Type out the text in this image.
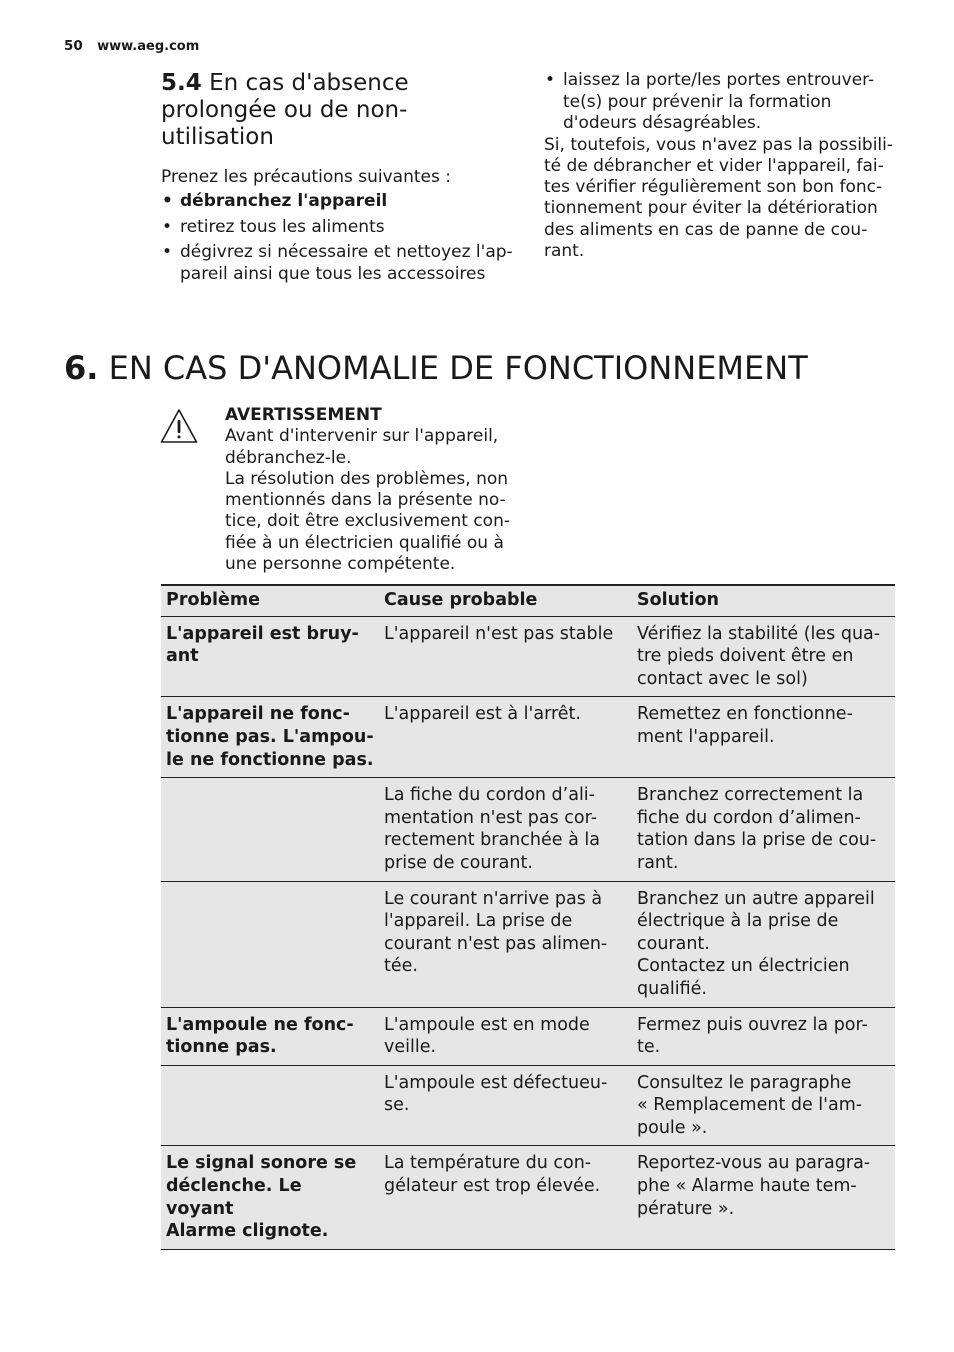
50 www.aeg.com
5.4 En cas d'absence
prolongée ou de non-
utilisation
Prenez les précautions suivantes :
• débranchez l'appareil
• retirez tous les aliments
• dégivrez si nécessaire et nettoyez l'ap-
pareil ainsi que tous les accessoires
• laissez la porte/les portes entrouver-
te(s) pour prévenir la formation
d'odeurs désagréables.
Si, toutefois, vous n'avez pas la possibili-
té de débrancher et vider l'appareil, fai-
tes vérifier régulièrement son bon fonc-
tionnement pour éviter la détérioration
des aliments en cas de panne de cou-
rant.
6. EN CAS D'ANOMALIE DE FONCTIONNEMENT
AVERTISSEMENT
Avant d'intervenir sur l'appareil,
débranchez-le.
La résolution des problèmes, non
mentionnés dans la présente no-
tice, doit être exclusivement con-
fiée à un électricien qualifié ou à
une personne compétente.
Problème	Cause probable	Solution
L'appareil est bruy-
ant	L'appareil n'est pas stable	Vérifiez la stabilité (les qua-
tre pieds doivent être en
contact avec le sol)
L'appareil ne fonc-
tionne pas. L'ampou-
le ne fonctionne pas.	L'appareil est à l'arrêt.	Remettez en fonctionne-
ment l'appareil.
	La fiche du cordon d’ali-
mentation n'est pas cor-
rectement branchée à la
prise de courant.	Branchez correctement la
fiche du cordon d’alimen-
tation dans la prise de cou-
rant.
	Le courant n'arrive pas à
l'appareil. La prise de
courant n'est pas alimen-
tée.	Branchez un autre appareil
électrique à la prise de
courant.
Contactez un électricien
qualifié.
L'ampoule ne fonc-
tionne pas.	L'ampoule est en mode
veille.	Fermez puis ouvrez la por-
te.
	L'ampoule est défectueu-
se.	Consultez le paragraphe
« Remplacement de l'am-
poule ».
Le signal sonore se
déclenche. Le voyant
Alarme clignote.	La température du con-
gélateur est trop élevée.	Reportez-vous au paragra-
phe « Alarme haute tem-
pérature ».
